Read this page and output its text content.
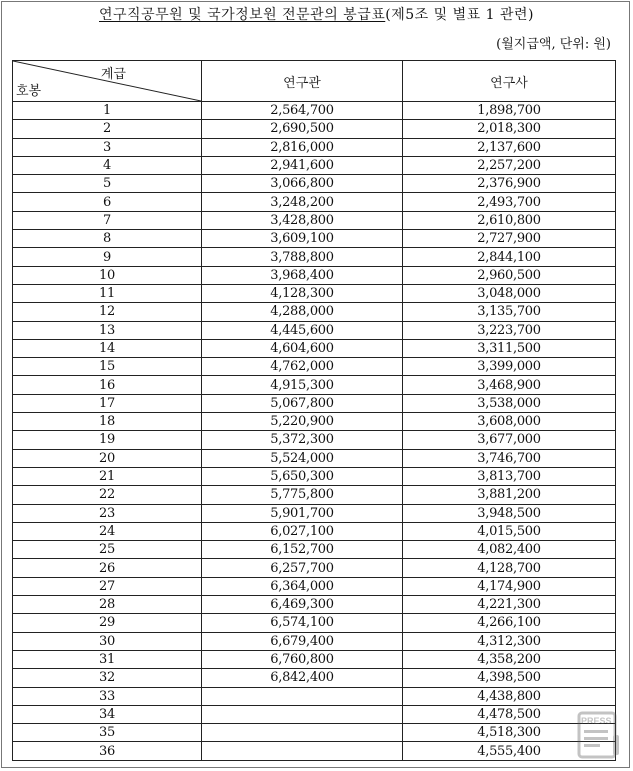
연구직공무원 및 국가정보원 전문관의 봉급표(제5조 및 별표 1 관련)
(월지급액, 단위: 원)
계급
호봉	연구관	연구사
1	2,564,700	1,898,700
2	2,690,500	2,018,300
3	2,816,000	2,137,600
4	2,941,600	2,257,200
5	3,066,800	2,376,900
6	3,248,200	2,493,700
7	3,428,800	2,610,800
8	3,609,100	2,727,900
9	3,788,800	2,844,100
10	3,968,400	2,960,500
11	4,128,300	3,048,000
12	4,288,000	3,135,700
13	4,445,600	3,223,700
14	4,604,600	3,311,500
15	4,762,000	3,399,000
16	4,915,300	3,468,900
17	5,067,800	3,538,000
18	5,220,900	3,608,000
19	5,372,300	3,677,000
20	5,524,000	3,746,700
21	5,650,300	3,813,700
22	5,775,800	3,881,200
23	5,901,700	3,948,500
24	6,027,100	4,015,500
25	6,152,700	4,082,400
26	6,257,700	4,128,700
27	6,364,000	4,174,900
28	6,469,300	4,221,300
29	6,574,100	4,266,100
30	6,679,400	4,312,300
31	6,760,800	4,358,200
32	6,842,400	4,398,500
33		4,438,800
34		4,478,500
35		4,518,300
36		4,555,400
PRESS
